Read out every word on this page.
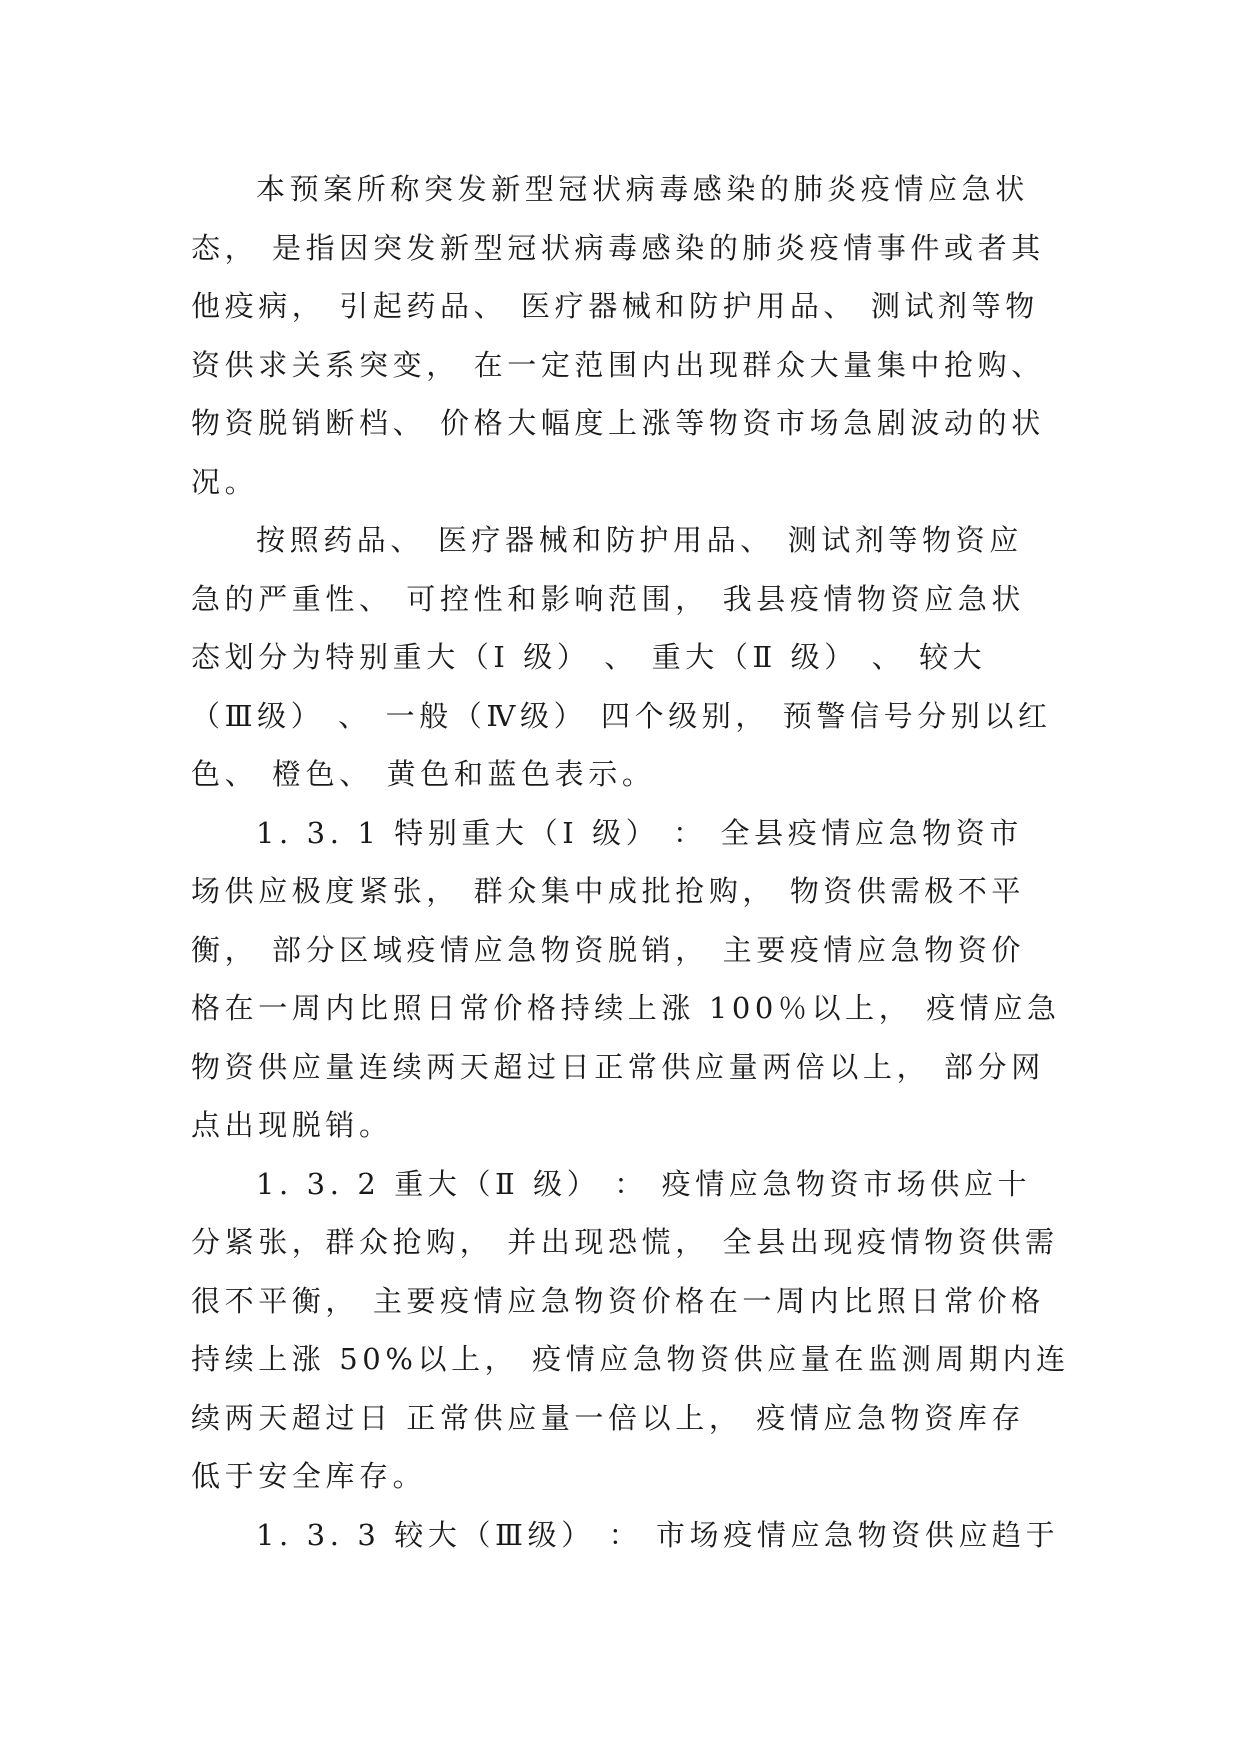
本预案所称突发新型冠状病毒感染的肺炎疫情应急状
态， 是指因突发新型冠状病毒感染的肺炎疫情事件或者其
他疫病， 引起药品、 医疗器械和防护用品、 测试剂等物
资供求关系突变， 在一定范围内出现群众大量集中抢购、
物资脱销断档、 价格大幅度上涨等物资市场急剧波动的状
况。
按照药品、 医疗器械和防护用品、 测试剂等物资应
急的严重性、 可控性和影响范围， 我县疫情物资应急状
态划分为特别重大（Ⅰ 级） 、 重大（Ⅱ 级） 、 较大
（Ⅲ级） 、 一般（Ⅳ级） 四个级别， 预警信号分别以红
色、 橙色、 黄色和蓝色表示。
1. 3. 1 特别重大（Ⅰ 级） ： 全县疫情应急物资市
场供应极度紧张， 群众集中成批抢购， 物资供需极不平
衡， 部分区域疫情应急物资脱销， 主要疫情应急物资价
格在一周内比照日常价格持续上涨 100％以上， 疫情应急
物资供应量连续两天超过日正常供应量两倍以上， 部分网
点出现脱销。
1. 3. 2 重大（Ⅱ 级） ： 疫情应急物资市场供应十
分紧张，群众抢购， 并出现恐慌， 全县出现疫情物资供需
很不平衡， 主要疫情应急物资价格在一周内比照日常价格
持续上涨 50%以上， 疫情应急物资供应量在监测周期内连
续两天超过日 正常供应量一倍以上， 疫情应急物资库存
低于安全库存。
1. 3. 3 较大（Ⅲ级） ： 市场疫情应急物资供应趋于
